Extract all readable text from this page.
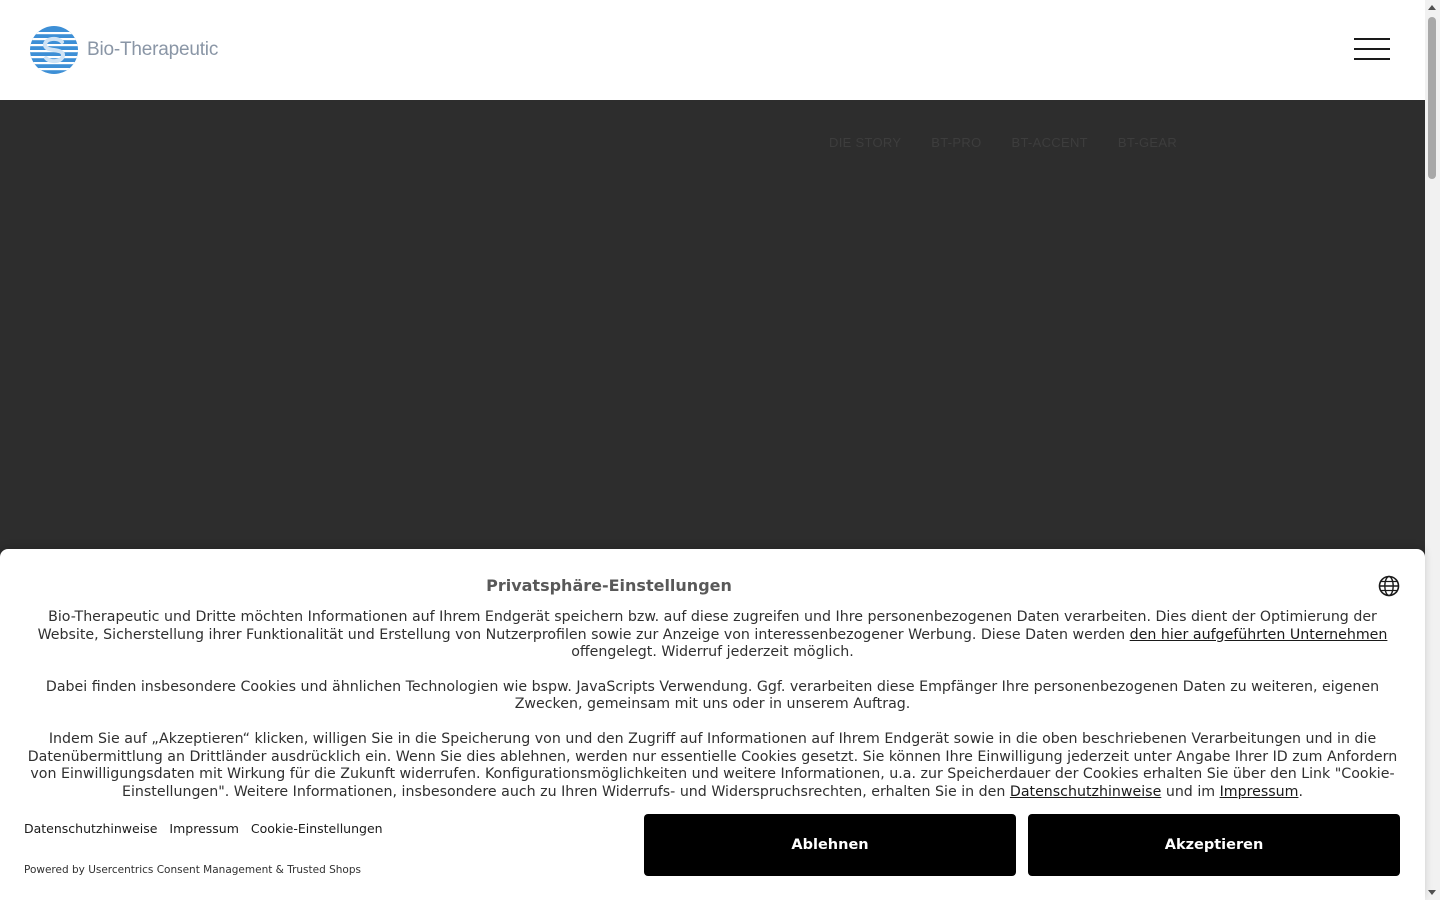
Bio-Therapeutic
DIE STORY BT-PRO BT-ACCENT BT-GEAR
Privatsphäre-Einstellungen

Bio-Therapeutic und Dritte möchten Informationen auf Ihrem Endgerät speichern bzw. auf diese zugreifen und Ihre personenbezogenen Daten verarbeiten. Dies dient der Optimierung der Website, Sicherstellung ihrer Funktionalität und Erstellung von Nutzerprofilen sowie zur Anzeige von interessenbezogener Werbung. Diese Daten werden den hier aufgeführten Unternehmen offengelegt. Widerruf jederzeit möglich.

Dabei finden insbesondere Cookies und ähnlichen Technologien wie bspw. JavaScripts Verwendung. Ggf. verarbeiten diese Empfänger Ihre personenbezogenen Daten zu weiteren, eigenen Zwecken, gemeinsam mit uns oder in unserem Auftrag.

Indem Sie auf „Akzeptieren“ klicken, willigen Sie in die Speicherung von und den Zugriff auf Informationen auf Ihrem Endgerät sowie in die oben beschriebenen Verarbeitungen und in die Datenübermittlung an Drittländer ausdrücklich ein. Wenn Sie dies ablehnen, werden nur essentielle Cookies gesetzt. Sie können Ihre Einwilligung jederzeit unter Angabe Ihrer ID zum Anfordern von Einwilligungsdaten mit Wirkung für die Zukunft widerrufen. Konfigurationsmöglichkeiten und weitere Informationen, u.a. zur Speicherdauer der Cookies erhalten Sie über den Link "Cookie-Einstellungen". Weitere Informationen, insbesondere auch zu Ihren Widerrufs- und Widerspruchsrechten, erhalten Sie in den Datenschutzhinweise und im Impressum.

Datenschutzhinweise Impressum Cookie-Einstellungen
Powered by Usercentrics Consent Management & Trusted Shops
Ablehnen	Akzeptieren
